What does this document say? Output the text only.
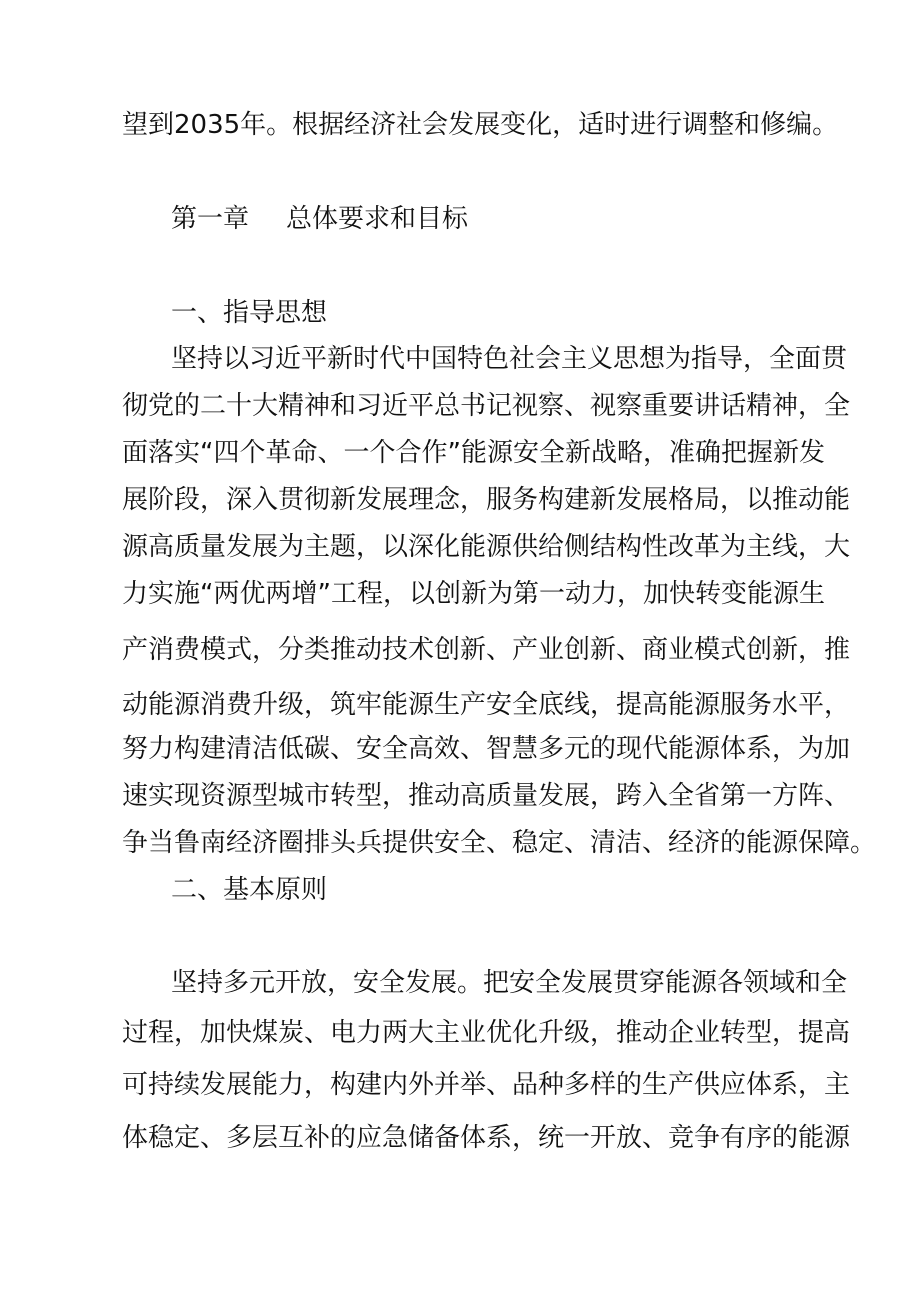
望到2035年。根据经济社会发展变化，适时进行调整和修编。
第一章 总体要求和目标
一、指导思想
坚持以习近平新时代中国特色社会主义思想为指导，全面贯
彻党的二十大精神和习近平总书记视察、视察重要讲话精神，全
面落实“四个革命、一个合作”能源安全新战略，准确把握新发
展阶段，深入贯彻新发展理念，服务构建新发展格局，以推动能
源高质量发展为主题，以深化能源供给侧结构性改革为主线，大
力实施“两优两增”工程，以创新为第一动力，加快转变能源生
产消费模式，分类推动技术创新、产业创新、商业模式创新，推
动能源消费升级，筑牢能源生产安全底线，提高能源服务水平，
努力构建清洁低碳、安全高效、智慧多元的现代能源体系，为加
速实现资源型城市转型，推动高质量发展，跨入全省第一方阵、
争当鲁南经济圈排头兵提供安全、稳定、清洁、经济的能源保障。
二、基本原则
坚持多元开放，安全发展。把安全发展贯穿能源各领域和全
过程，加快煤炭、电力两大主业优化升级，推动企业转型，提高
可持续发展能力，构建内外并举、品种多样的生产供应体系，主
体稳定、多层互补的应急储备体系，统一开放、竞争有序的能源
